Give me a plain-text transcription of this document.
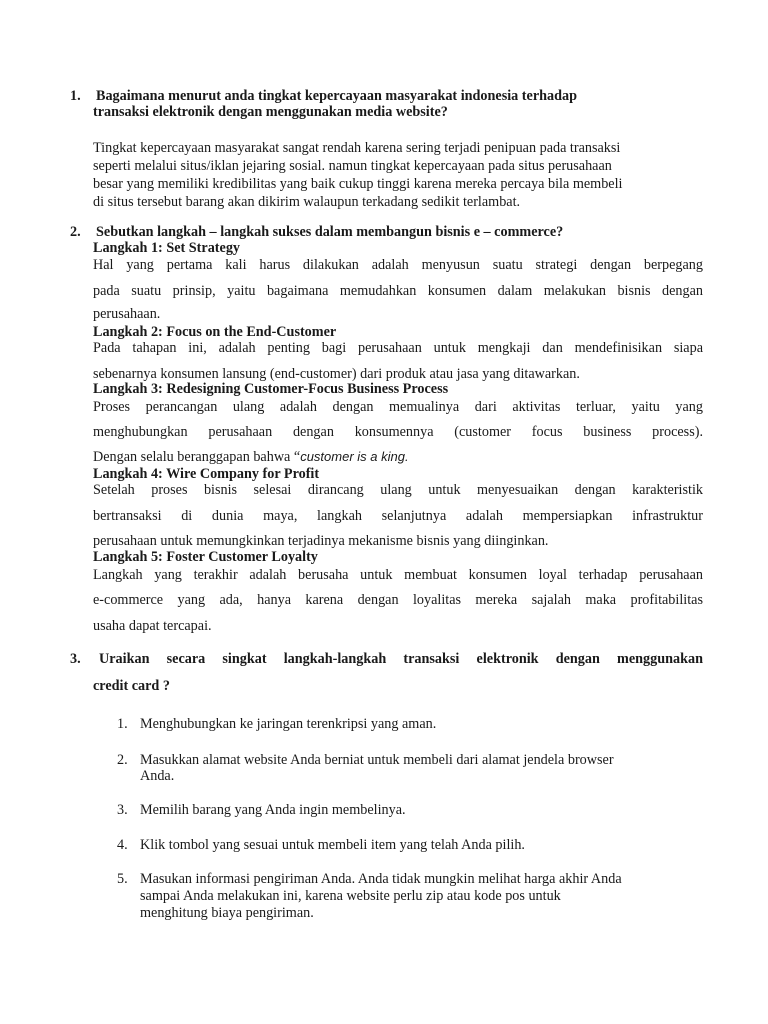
1. Bagaimana menurut anda tingkat kepercayaan masyarakat indonesia terhadap
transaksi elektronik dengan menggunakan media website?
Tingkat kepercayaan masyarakat sangat rendah karena sering terjadi penipuan pada transaksi
seperti melalui situs/iklan jejaring sosial. namun tingkat kepercayaan pada situs perusahaan
besar yang memiliki kredibilitas yang baik cukup tinggi karena mereka percaya bila membeli
di situs tersebut barang akan dikirim walaupun terkadang sedikit terlambat.
2. Sebutkan langkah – langkah sukses dalam membangun bisnis e – commerce?
Langkah 1: Set Strategy
Hal yang pertama kali harus dilakukan adalah menyusun suatu strategi dengan berpegang
pada suatu prinsip, yaitu bagaimana memudahkan konsumen dalam melakukan bisnis dengan
perusahaan.
Langkah 2: Focus on the End-Customer
Pada tahapan ini, adalah penting bagi perusahaan untuk mengkaji dan mendefinisikan siapa
sebenarnya konsumen lansung (end-customer) dari produk atau jasa yang ditawarkan.
Langkah 3: Redesigning Customer-Focus Business Process
Proses perancangan ulang adalah dengan memualinya dari aktivitas terluar, yaitu yang
menghubungkan perusahaan dengan konsumennya (customer focus business process).
Dengan selalu beranggapan bahwa “customer is a king.
Langkah 4: Wire Company for Profit
Setelah proses bisnis selesai dirancang ulang untuk menyesuaikan dengan karakteristik
bertransaksi di dunia maya, langkah selanjutnya adalah mempersiapkan infrastruktur
perusahaan untuk memungkinkan terjadinya mekanisme bisnis yang diinginkan.
Langkah 5: Foster Customer Loyalty
Langkah yang terakhir adalah berusaha untuk membuat konsumen loyal terhadap perusahaan
e-commerce yang ada, hanya karena dengan loyalitas mereka sajalah maka profitabilitas
usaha dapat tercapai.
3. Uraikan secara singkat langkah-langkah transaksi elektronik dengan menggunakan
credit card ?
1. Menghubungkan ke jaringan terenkripsi yang aman.
2. Masukkan alamat website Anda berniat untuk membeli dari alamat jendela browser
Anda.
3. Memilih barang yang Anda ingin membelinya.
4. Klik tombol yang sesuai untuk membeli item yang telah Anda pilih.
5. Masukan informasi pengiriman Anda. Anda tidak mungkin melihat harga akhir Anda
sampai Anda melakukan ini, karena website perlu zip atau kode pos untuk
menghitung biaya pengiriman.
